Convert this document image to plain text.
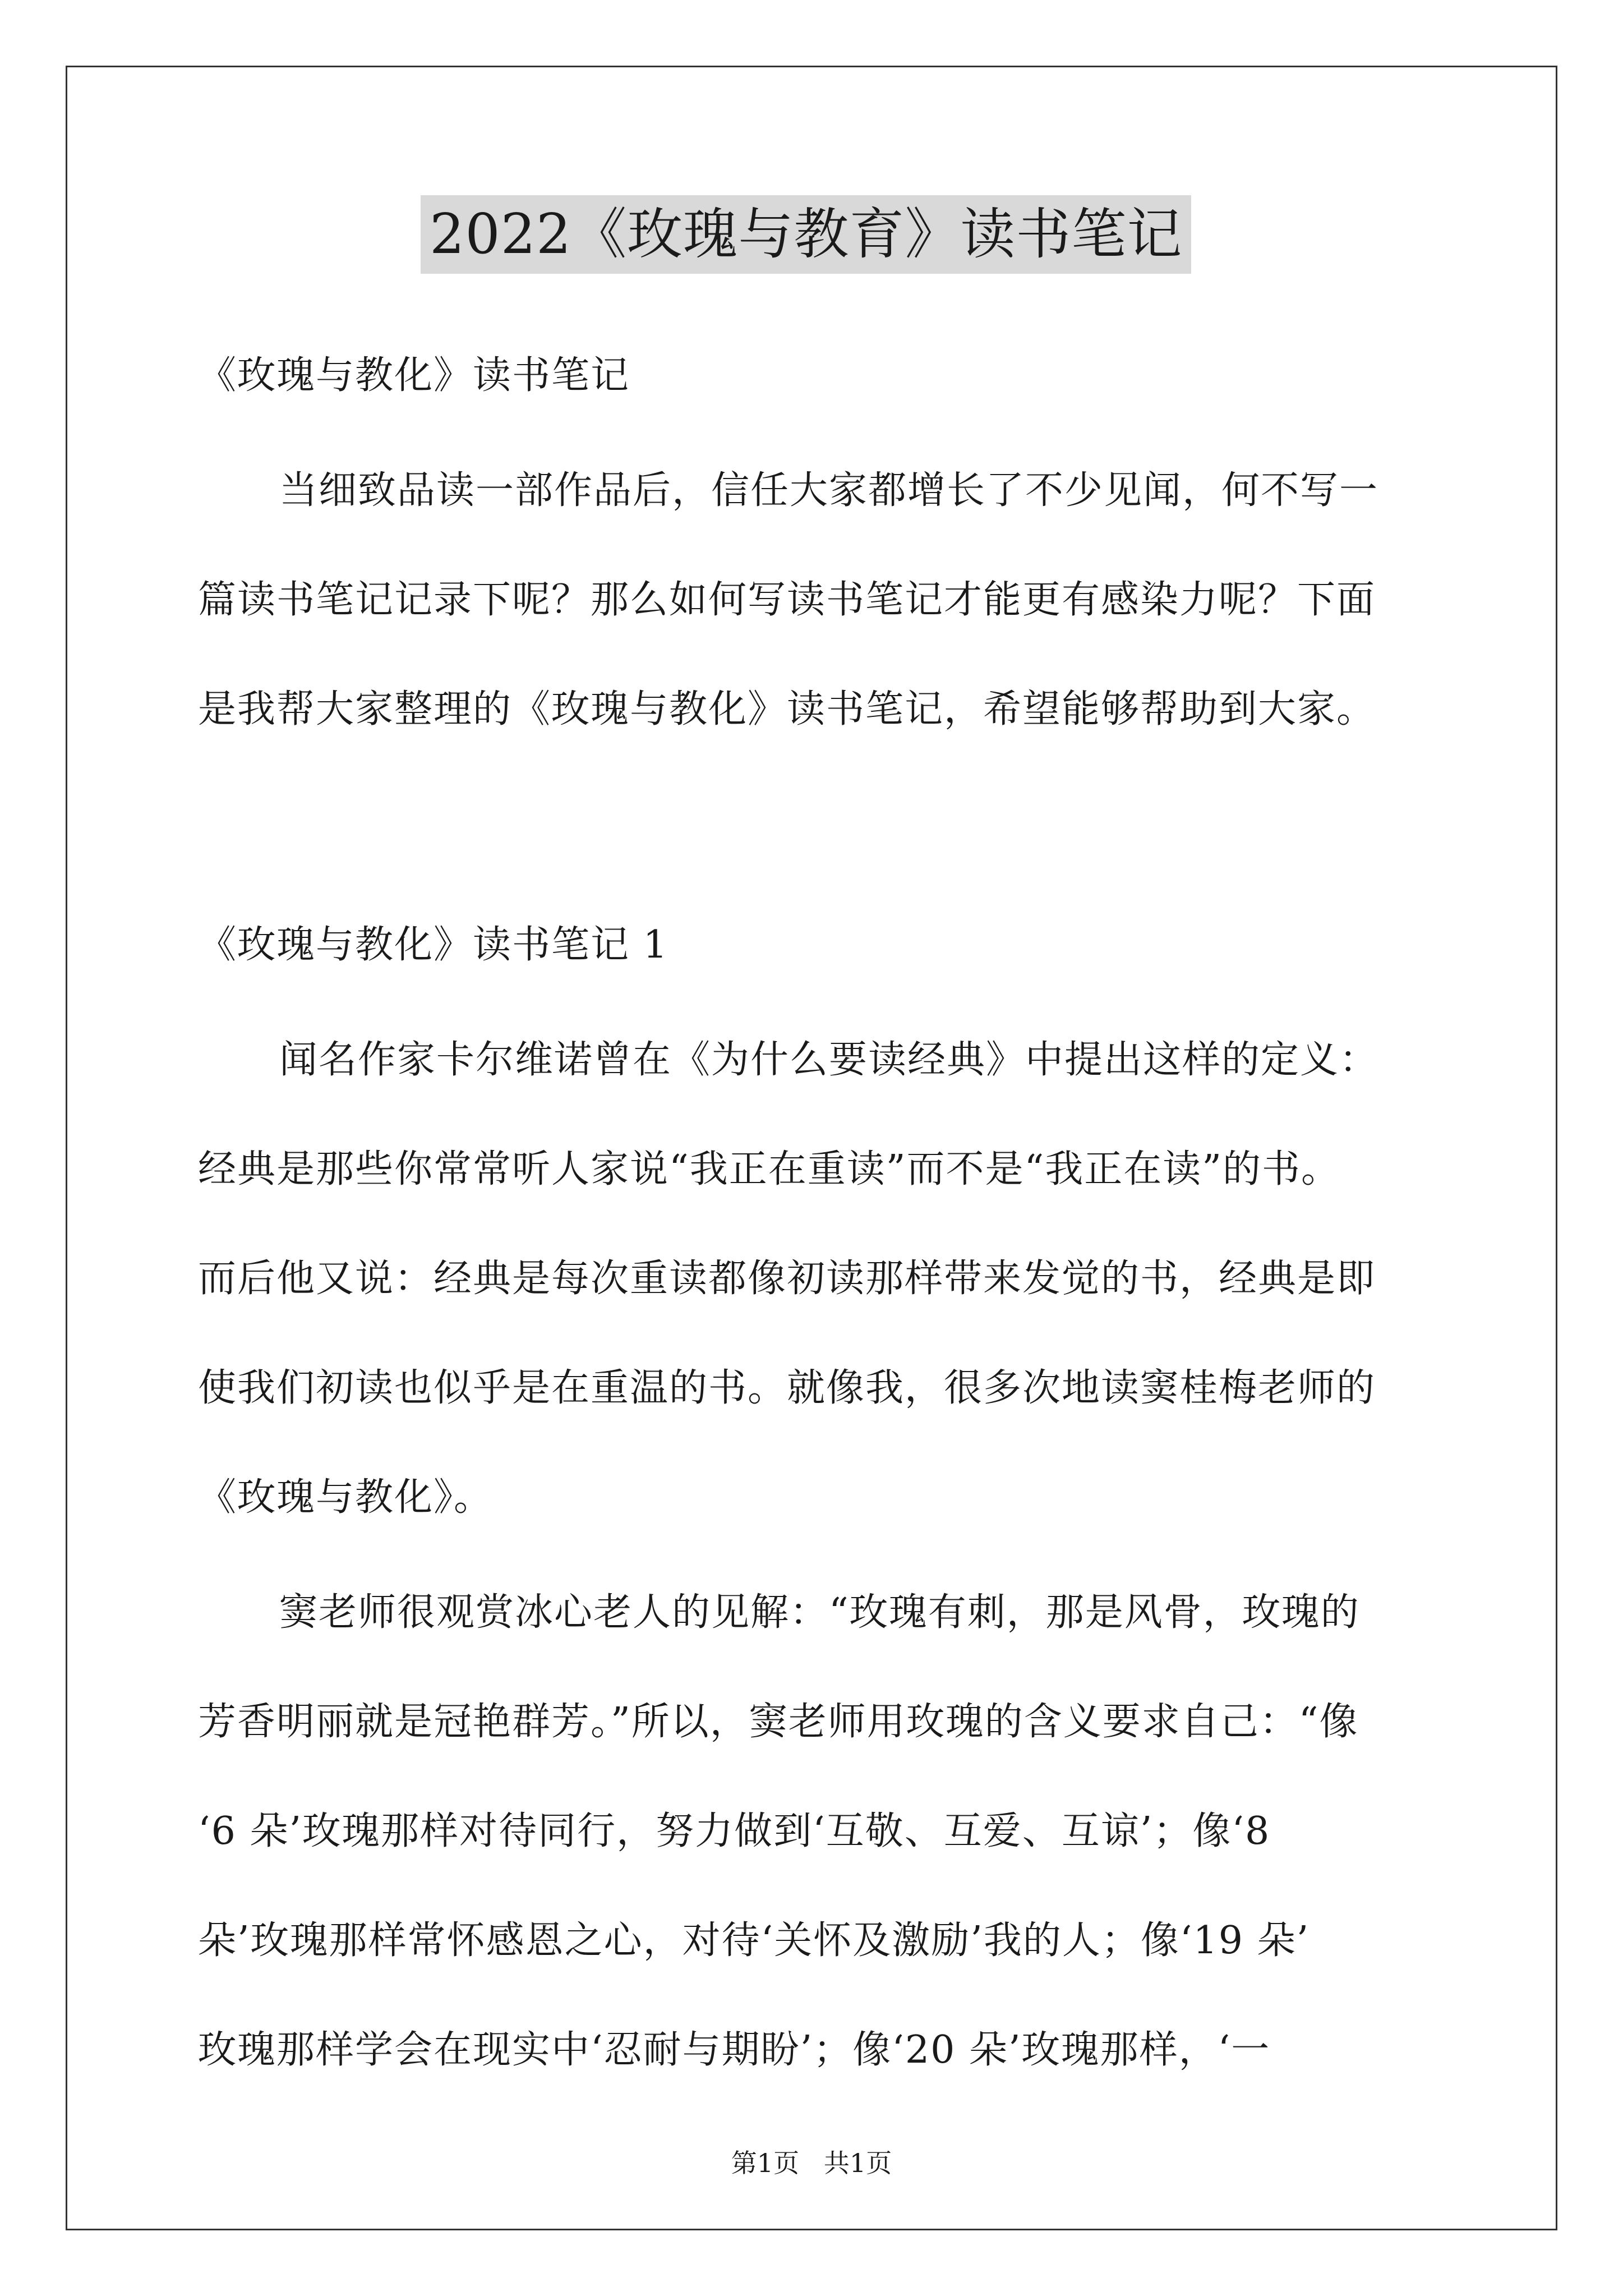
2022《玫瑰与教育》读书笔记
《玫瑰与教化》读书笔记
当细致品读一部作品后，信任大家都增长了不少见闻，何不写一
篇读书笔记记录下呢？那么如何写读书笔记才能更有感染力呢？下面
是我帮大家整理的《玫瑰与教化》读书笔记，希望能够帮助到大家。
《玫瑰与教化》读书笔记 1
闻名作家卡尔维诺曾在《为什么要读经典》中提出这样的定义：
经典是那些你常常听人家说“我正在重读”而不是“我正在读”的书。
而后他又说：经典是每次重读都像初读那样带来发觉的书，经典是即
使我们初读也似乎是在重温的书。就像我，很多次地读窦桂梅老师的
《玫瑰与教化》。
窦老师很观赏冰心老人的见解：“玫瑰有刺，那是风骨，玫瑰的
芳香明丽就是冠艳群芳。”所以，窦老师用玫瑰的含义要求自己：“像
‘6 朵’玫瑰那样对待同行，努力做到‘互敬、互爱、互谅’；像‘8
朵’玫瑰那样常怀感恩之心，对待‘关怀及激励’我的人；像‘19 朵’
玫瑰那样学会在现实中‘忍耐与期盼’；像‘20 朵’玫瑰那样，‘一
第1页   共1页
